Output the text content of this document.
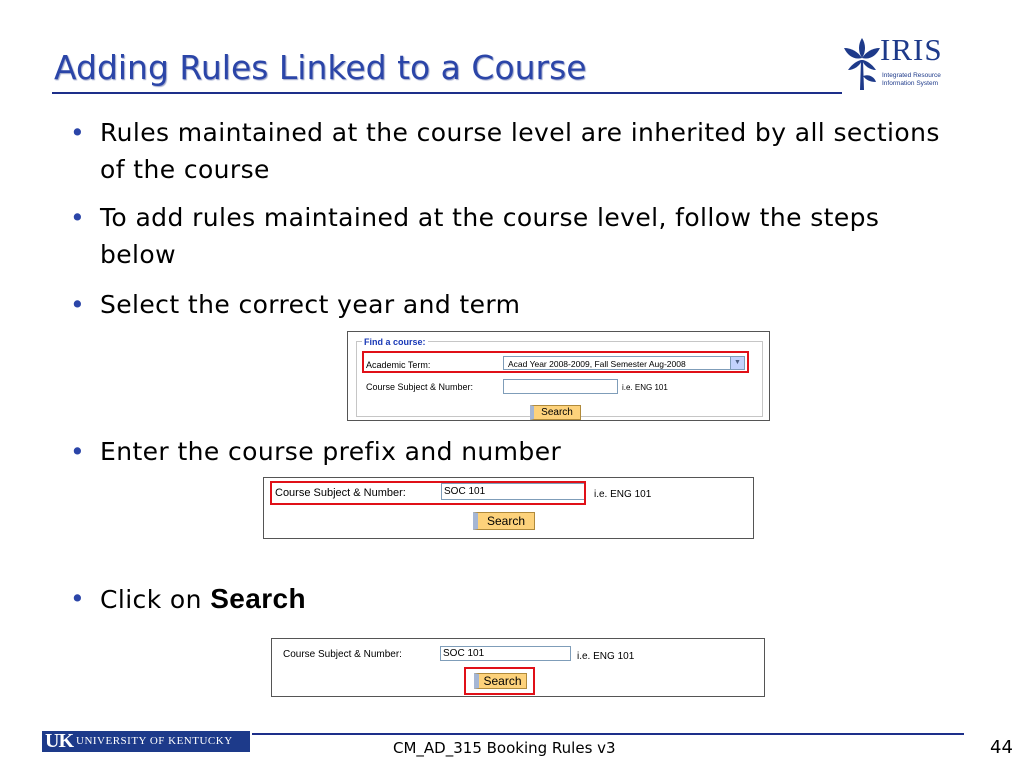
Adding Rules Linked to a Course	IRIS
Integrated Resource
Information System
• Rules maintained at the course level are inherited by all sections of the course
• To add rules maintained at the course level, follow the steps below
• Select the correct year and term
Find a course:
Academic Term:	Acad Year 2008-2009, Fall Semester Aug-2008	▼
Course Subject & Number:	i.e. ENG 101
Search
• Enter the course prefix and number
Course Subject & Number:	SOC 101	i.e. ENG 101
Search
• Click on Search
Course Subject & Number:	SOC 101	i.e. ENG 101
Search
UK UNIVERSITY OF KENTUCKY	CM_AD_315 Booking Rules v3	44
